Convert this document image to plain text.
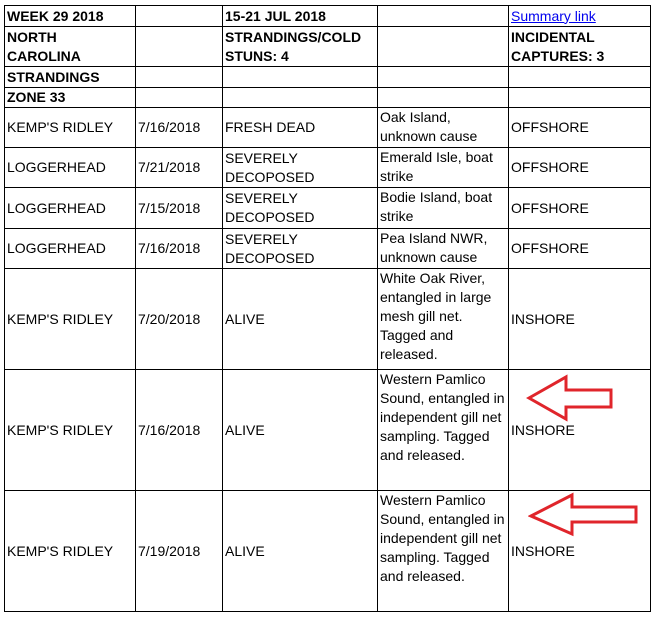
WEEK 29 2018		15-21 JUL 2018		Summary link
NORTH CAROLINA		STRANDINGS/COLD STUNS: 4		INCIDENTAL CAPTURES: 3
STRANDINGS				
ZONE 33				
KEMP'S RIDLEY	7/16/2018	FRESH DEAD	Oak Island, unknown cause	OFFSHORE
LOGGERHEAD	7/21/2018	SEVERELY DECOPOSED	Emerald Isle, boat strike	OFFSHORE
LOGGERHEAD	7/15/2018	SEVERELY DECOPOSED	Bodie Island, boat strike	OFFSHORE
LOGGERHEAD	7/16/2018	SEVERELY DECOPOSED	Pea Island NWR, unknown cause	OFFSHORE
KEMP'S RIDLEY	7/20/2018	ALIVE	White Oak River, entangled in large mesh gill net. Tagged and released.	INSHORE
KEMP'S RIDLEY	7/16/2018	ALIVE	Western Pamlico Sound, entangled in independent gill net sampling. Tagged and released.	INSHORE
KEMP'S RIDLEY	7/19/2018	ALIVE	Western Pamlico Sound, entangled in independent gill net sampling. Tagged and released.	INSHORE
